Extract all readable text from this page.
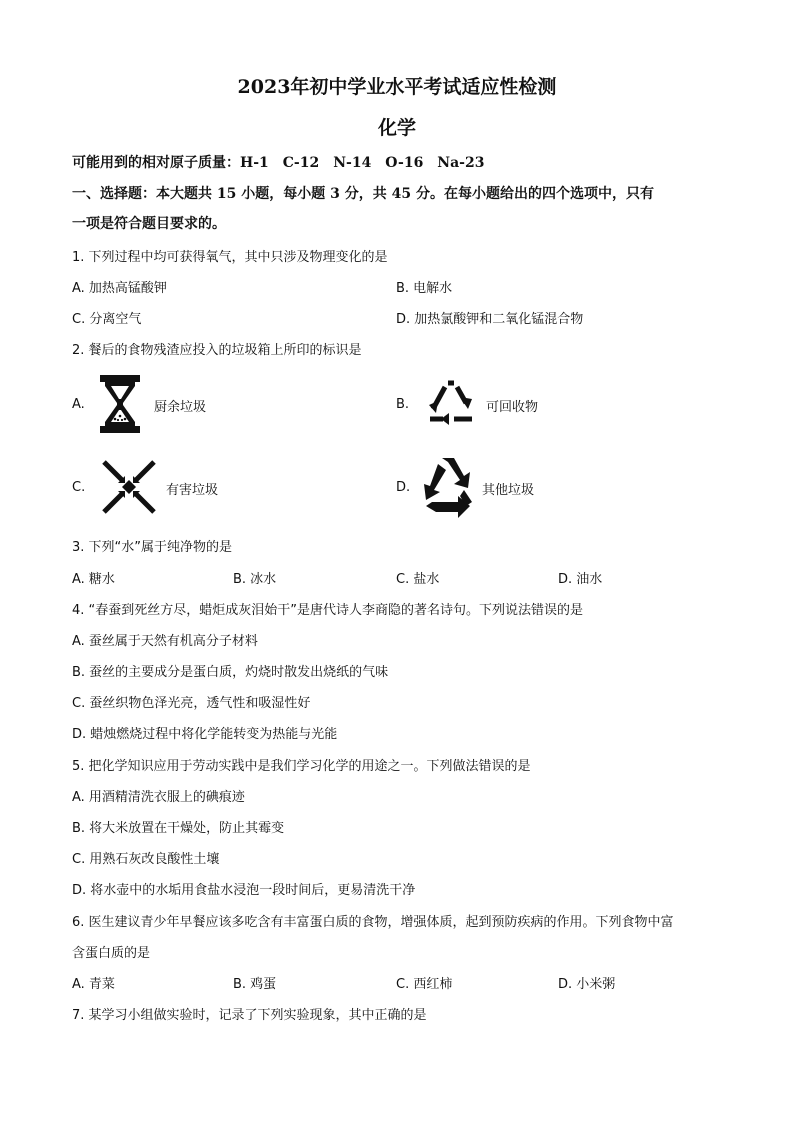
2023年初中学业水平考试适应性检测
化学
可能用到的相对原子质量：H-1　C-12　N-14　O-16　Na-23
一、选择题：本大题共 15 小题，每小题 3 分，共 45 分。在每小题给出的四个选项中，只有
一项是符合题目要求的。
1. 下列过程中均可获得氧气，其中只涉及物理变化的是
A. 加热高锰酸钾	B. 电解水
C. 分离空气	D. 加热氯酸钾和二氧化锰混合物
2. 餐后的食物残渣应投入的垃圾箱上所印的标识是
A.	厨余垃圾	B.	可回收物
C.	有害垃圾	D.	其他垃圾
3. 下列“水”属于纯净物的是
A. 糖水	B. 冰水	C. 盐水	D. 油水
4. “春蚕到死丝方尽，蜡炬成灰泪始干”是唐代诗人李商隐的著名诗句。下列说法错误的是
A. 蚕丝属于天然有机高分子材料
B. 蚕丝的主要成分是蛋白质，灼烧时散发出烧纸的气味
C. 蚕丝织物色泽光亮，透气性和吸湿性好
D. 蜡烛燃烧过程中将化学能转变为热能与光能
5. 把化学知识应用于劳动实践中是我们学习化学的用途之一。下列做法错误的是
A. 用酒精清洗衣服上的碘痕迹
B. 将大米放置在干燥处，防止其霉变
C. 用熟石灰改良酸性土壤
D. 将水壶中的水垢用食盐水浸泡一段时间后，更易清洗干净
6. 医生建议青少年早餐应该多吃含有丰富蛋白质的食物，增强体质，起到预防疾病的作用。下列食物中富
含蛋白质的是
A. 青菜	B. 鸡蛋	C. 西红柿	D. 小米粥
7. 某学习小组做实验时，记录了下列实验现象，其中正确的是
